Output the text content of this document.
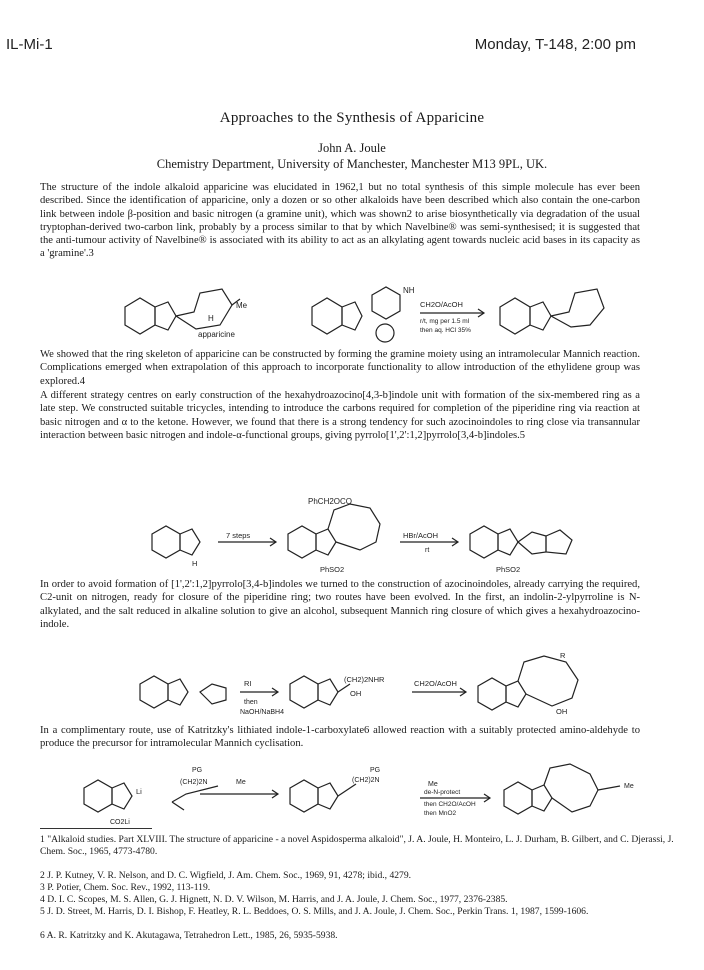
IL-Mi-1	Monday, T-148, 2:00 pm
Approaches to the Synthesis of Apparicine
John A. Joule
Chemistry Department, University of Manchester, Manchester M13 9PL, UK.
The structure of the indole alkaloid apparicine was elucidated in 1962,1 but no total synthesis of this simple molecule has ever been described. Since the identification of apparicine, only a dozen or so other alkaloids have been described which also contain the one-carbon link between indole β-position and basic nitrogen (a gramine unit), which was shown2 to arise biosynthetically via degradation of the usual tryptophan-derived two-carbon link, probably by a process similar to that by which Navelbine® was semi-synthesised; it is suggested that the anti-tumour activity of Navelbine® is associated with its ability to act as an alkylating agent towards nucleic acid bases in its capacity as a 'gramine'.3
Me
H
apparicine
NH
CH2O/AcOH
r/t, mg per 1.5 ml
then aq. HCl 35%
We showed that the ring skeleton of apparicine can be constructed by forming the gramine moiety using an intramolecular Mannich reaction. Complications emerged when extrapolation of this approach to incorporate functionality to allow introduction of the ethylidene group was explored.4
A different strategy centres on early construction of the hexahydroazocino[4,3-b]indole unit with formation of the six-membered ring as a late step. We constructed suitable tricycles, intending to introduce the carbons required for completion of the piperidine ring via reaction at basic nitrogen and α to the ketone. However, we found that there is a strong tendency for such azocinoindoles to ring close via transannular interaction between basic nitrogen and indole-α-functional groups, giving pyrrolo[1',2':1,2]pyrrolo[3,4-b]indoles.5
PhCH2OCO
7 steps	HBr/AcOH
rt
PhSO2	PhSO2
H
In order to avoid formation of [1',2':1,2]pyrrolo[3,4-b]indoles we turned to the construction of azocinoindoles, already carrying the required, C2-unit on nitrogen, ready for closure of the piperidine ring; two routes have been evolved. In the first, an indolin-2-ylpyrroline is N-alkylated, and the salt reduced in alkaline solution to give an alcohol, subsequent Mannich ring closure of which gives a hexahydroazocino-indole.
RI
then
NaOH/NaBH4
(CH2)2NHR
OH
CH2O/AcOH
R
OH
In a complimentary route, use of Katritzky's lithiated indole-1-carboxylate6 allowed reaction with a suitably protected amino-aldehyde to produce the precursor for intramolecular Mannich cyclisation.
Li
CO2Li
PG
(CH2)2N	Me
PG
(CH2)2N
Me
de-N-protect
then CH2O/AcOH
then MnO2
Me
1 "Alkaloid studies. Part XLVIII. The structure of apparicine - a novel Aspidosperma alkaloid", J. A. Joule, H. Monteiro, L. J. Durham, B. Gilbert, and C. Djerassi, J. Chem. Soc., 1965, 4773-4780.
2 J. P. Kutney, V. R. Nelson, and D. C. Wigfield, J. Am. Chem. Soc., 1969, 91, 4278; ibid., 4279.
3 P. Potier, Chem. Soc. Rev., 1992, 113-119.
4 D. I. C. Scopes, M. S. Allen, G. J. Hignett, N. D. V. Wilson, M. Harris, and J. A. Joule, J. Chem. Soc., 1977, 2376-2385.
5 J. D. Street, M. Harris, D. I. Bishop, F. Heatley, R. L. Beddoes, O. S. Mills, and J. A. Joule, J. Chem. Soc., Perkin Trans. 1, 1987, 1599-1606.
6 A. R. Katritzky and K. Akutagawa, Tetrahedron Lett., 1985, 26, 5935-5938.
